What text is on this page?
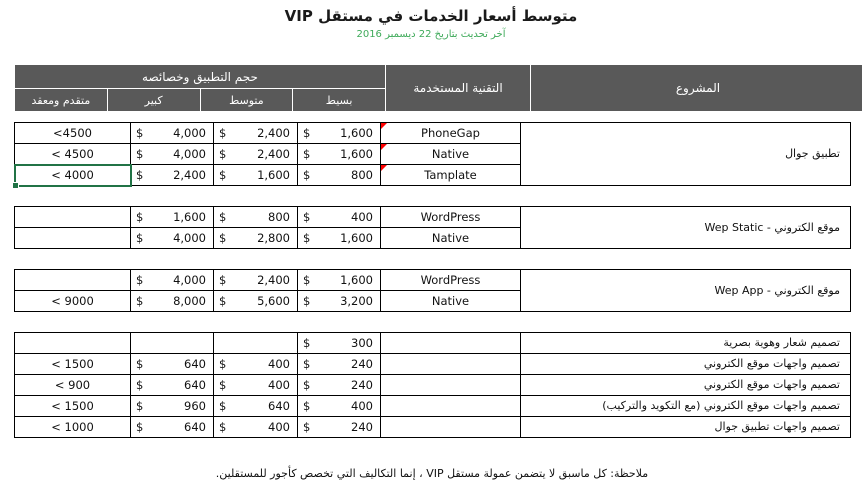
متوسط أسعار الخدمات في مستقل VIP
آخر تحديث بتاريخ 22 ديسمبر 2016
حجم التطبيق وخصائصه				التقنية المستخدمة	المشروع
متقدم ومعقد	كبير	متوسط	بسيط		
<4500	$ 4,000	$ 2,400	$ 1,600	PhoneGap	تطبيق جوال

< 4500	$ 4,000	$ 2,400	$ 1,600	Native	

< 4000	$ 2,400	$ 1,600	$ 800	Tamplate	

	$ 1,600	$ 800	$ 400	WordPress	موقع الكتروني - Wep Static

	$ 4,000	$ 2,800	$ 1,600	Native	

	$ 4,000	$ 2,400	$ 1,600	WordPress	موقع الكتروني - Wep App

< 9000	$ 8,000	$ 5,600	$ 3,200	Native	

			$ 300		تصميم شعار وهوية بصرية

< 1500	$ 640	$ 400	$ 240		تصميم واجهات موقع الكتروني

< 900	$ 640	$ 400	$ 240		تصميم واجهات موقع الكتروني

< 1500	$ 960	$ 640	$ 400		تصميم واجهات موقع الكتروني (مع التكويد والتركيب)

< 1000	$ 640	$ 400	$ 240		تصميم واجهات تطبيق جوال
ملاحظة: كل ماسبق لا يتضمن عمولة مستقل VIP ، إنما التكاليف التي تخصص كأجور للمستقلين.
